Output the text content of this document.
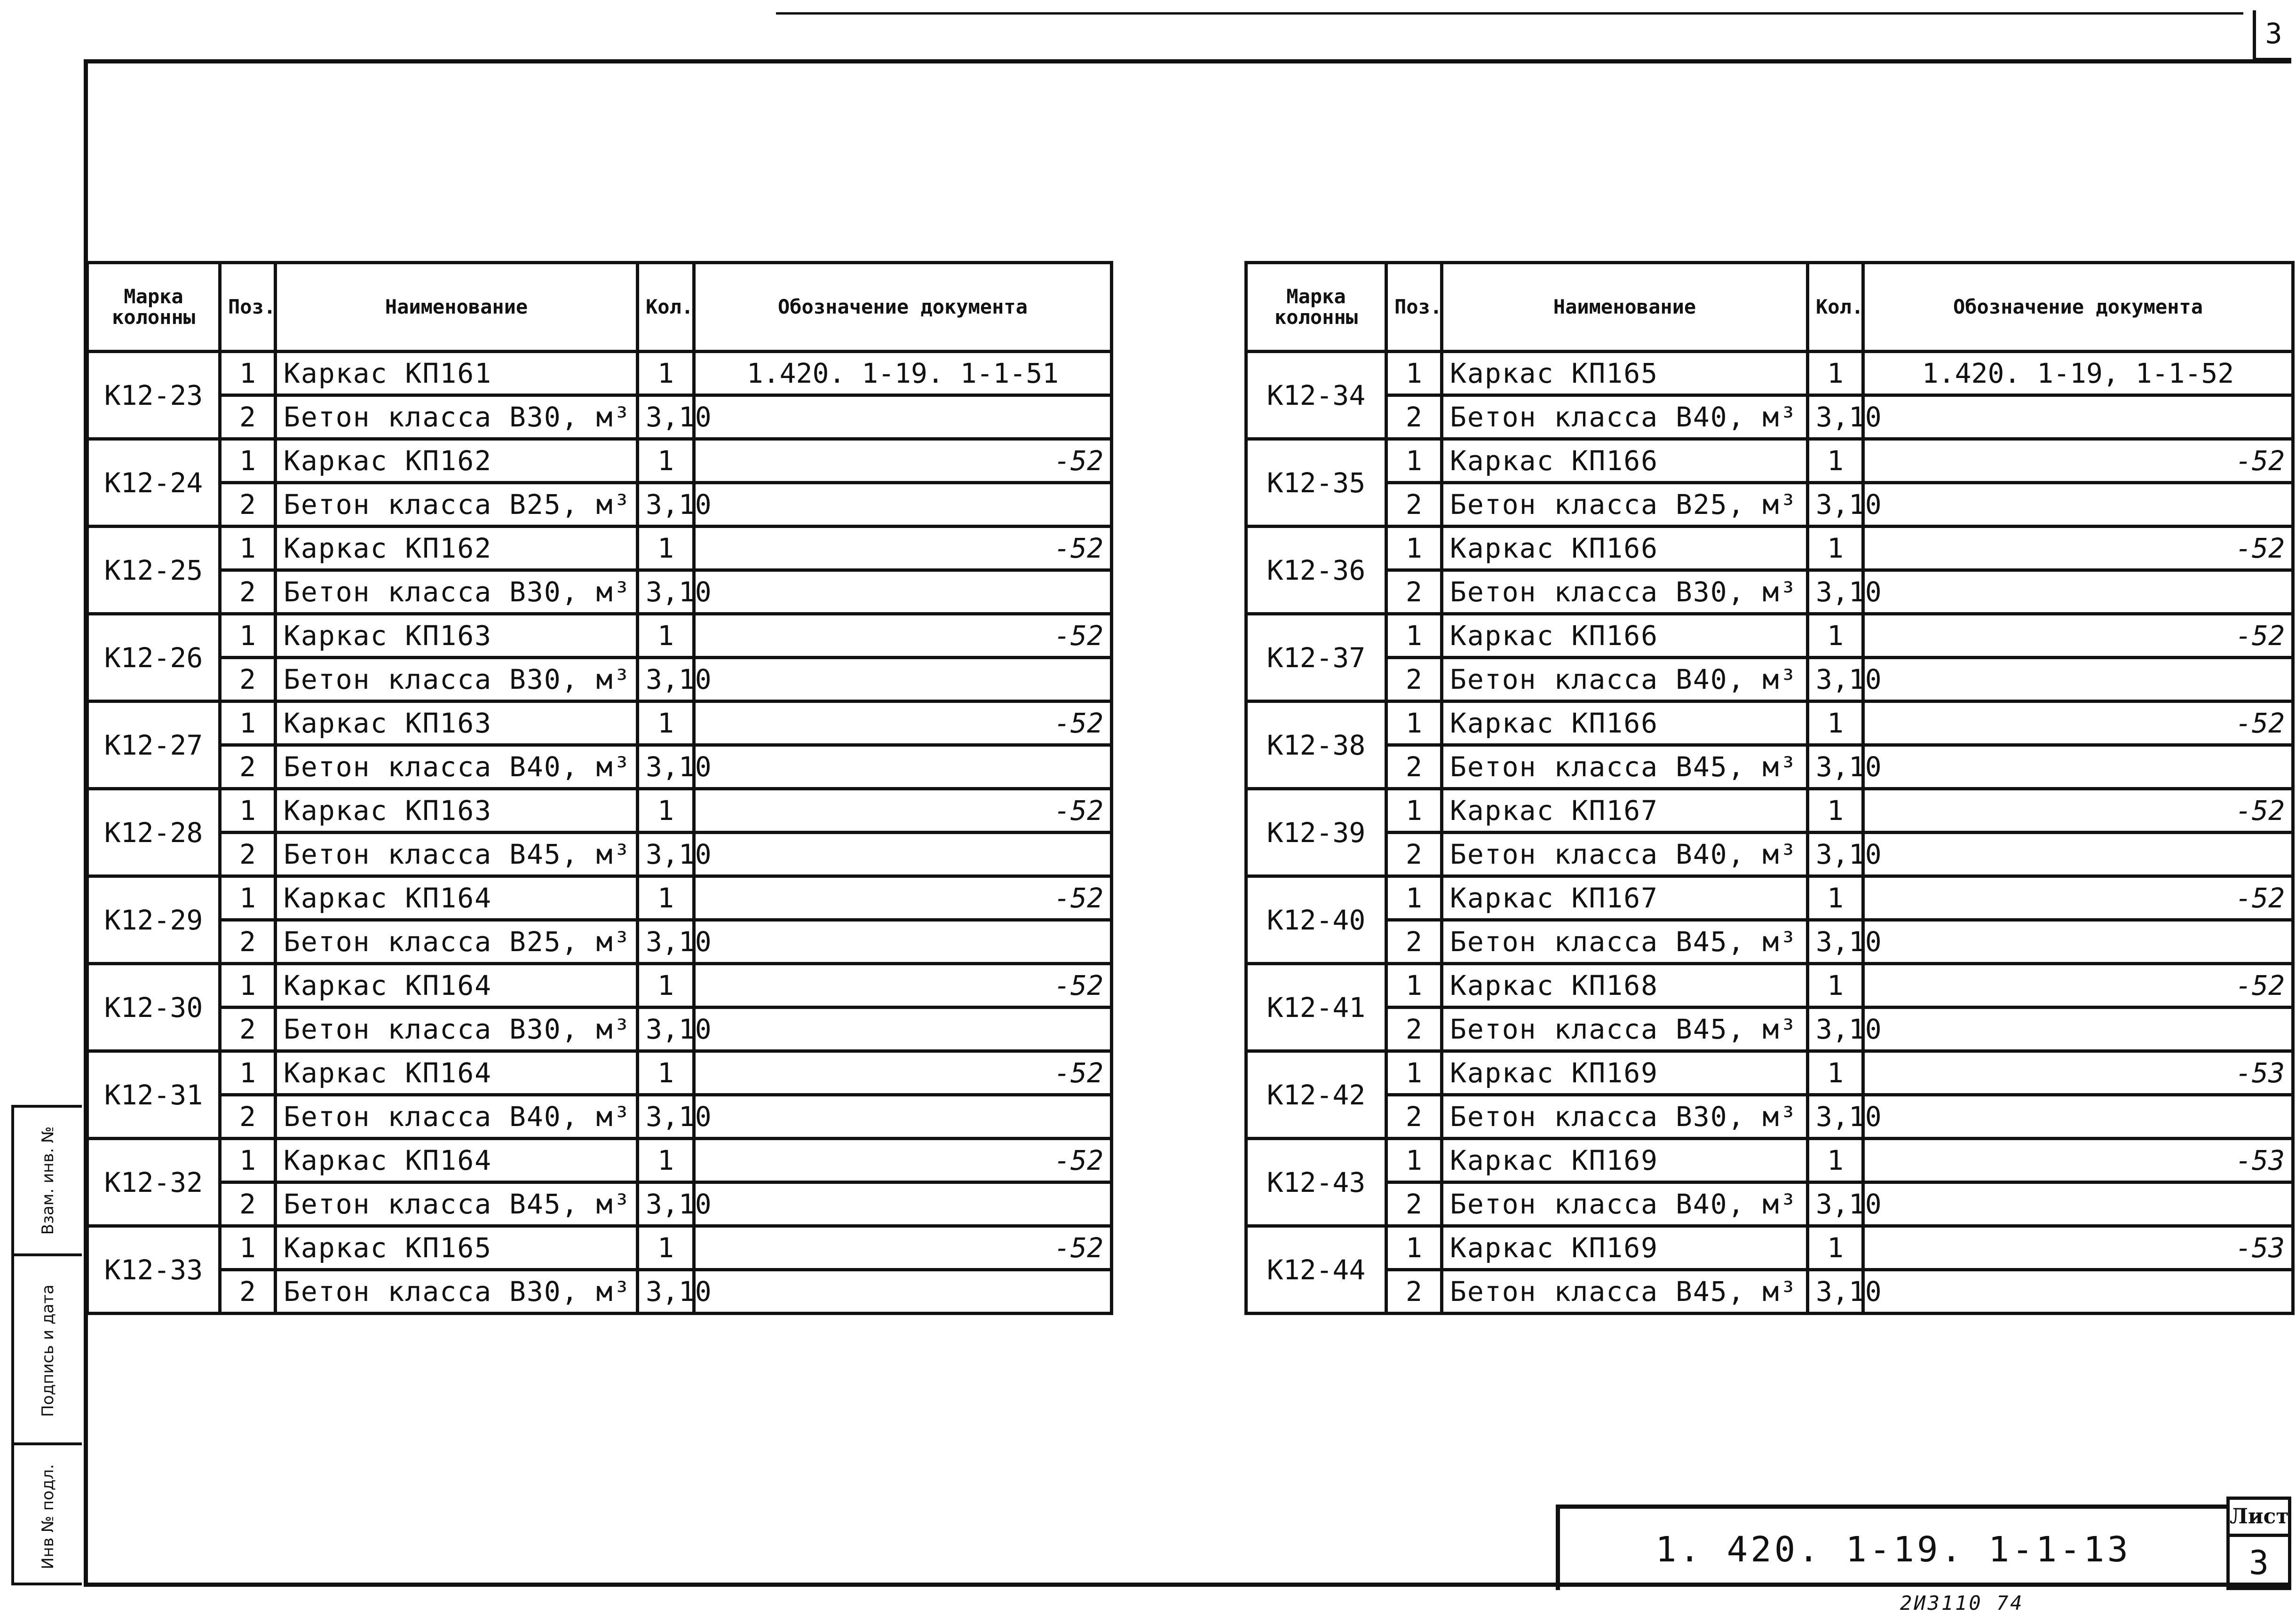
3
Марка колонны	Поз.	Наименование	Кол.	Обозначение документа
К12-23	1	Каркас КП161	1	1.420. 1-19. 1-1-51
	2	Бетон класса В30, м³	3,10	
К12-24	1	Каркас КП162	1	-52
	2	Бетон класса В25, м³	3,10	
К12-25	1	Каркас КП162	1	-52
	2	Бетон класса В30, м³	3,10	
К12-26	1	Каркас КП163	1	-52
	2	Бетон класса В30, м³	3,10	
К12-27	1	Каркас КП163	1	-52
	2	Бетон класса В40, м³	3,10	
К12-28	1	Каркас КП163	1	-52
	2	Бетон класса В45, м³	3,10	
К12-29	1	Каркас КП164	1	-52
	2	Бетон класса В25, м³	3,10	
К12-30	1	Каркас КП164	1	-52
	2	Бетон класса В30, м³	3,10	
К12-31	1	Каркас КП164	1	-52
	2	Бетон класса В40, м³	3,10	
К12-32	1	Каркас КП164	1	-52
	2	Бетон класса В45, м³	3,10	
К12-33	1	Каркас КП165	1	-52
	2	Бетон класса В30, м³	3,10	
Марка колонны	Поз.	Наименование	Кол.	Обозначение документа
К12-34	1	Каркас КП165	1	1.420. 1-19, 1-1-52
	2	Бетон класса В40, м³	3,10	
К12-35	1	Каркас КП166	1	-52
	2	Бетон класса В25, м³	3,10	
К12-36	1	Каркас КП166	1	-52
	2	Бетон класса В30, м³	3,10	
К12-37	1	Каркас КП166	1	-52
	2	Бетон класса В40, м³	3,10	
К12-38	1	Каркас КП166	1	-52
	2	Бетон класса В45, м³	3,10	
К12-39	1	Каркас КП167	1	-52
	2	Бетон класса В40, м³	3,10	
К12-40	1	Каркас КП167	1	-52
	2	Бетон класса В45, м³	3,10	
К12-41	1	Каркас КП168	1	-52
	2	Бетон класса В45, м³	3,10	
К12-42	1	Каркас КП169	1	-53
	2	Бетон класса В30, м³	3,10	
К12-43	1	Каркас КП169	1	-53
	2	Бетон класса В40, м³	3,10	
К12-44	1	Каркас КП169	1	-53
	2	Бетон класса В45, м³	3,10	
Взам. инв. №
Подпись и дата
Инв № подл.	1. 420. 1-19. 1-1-13
Лист
3
2И3110 74
